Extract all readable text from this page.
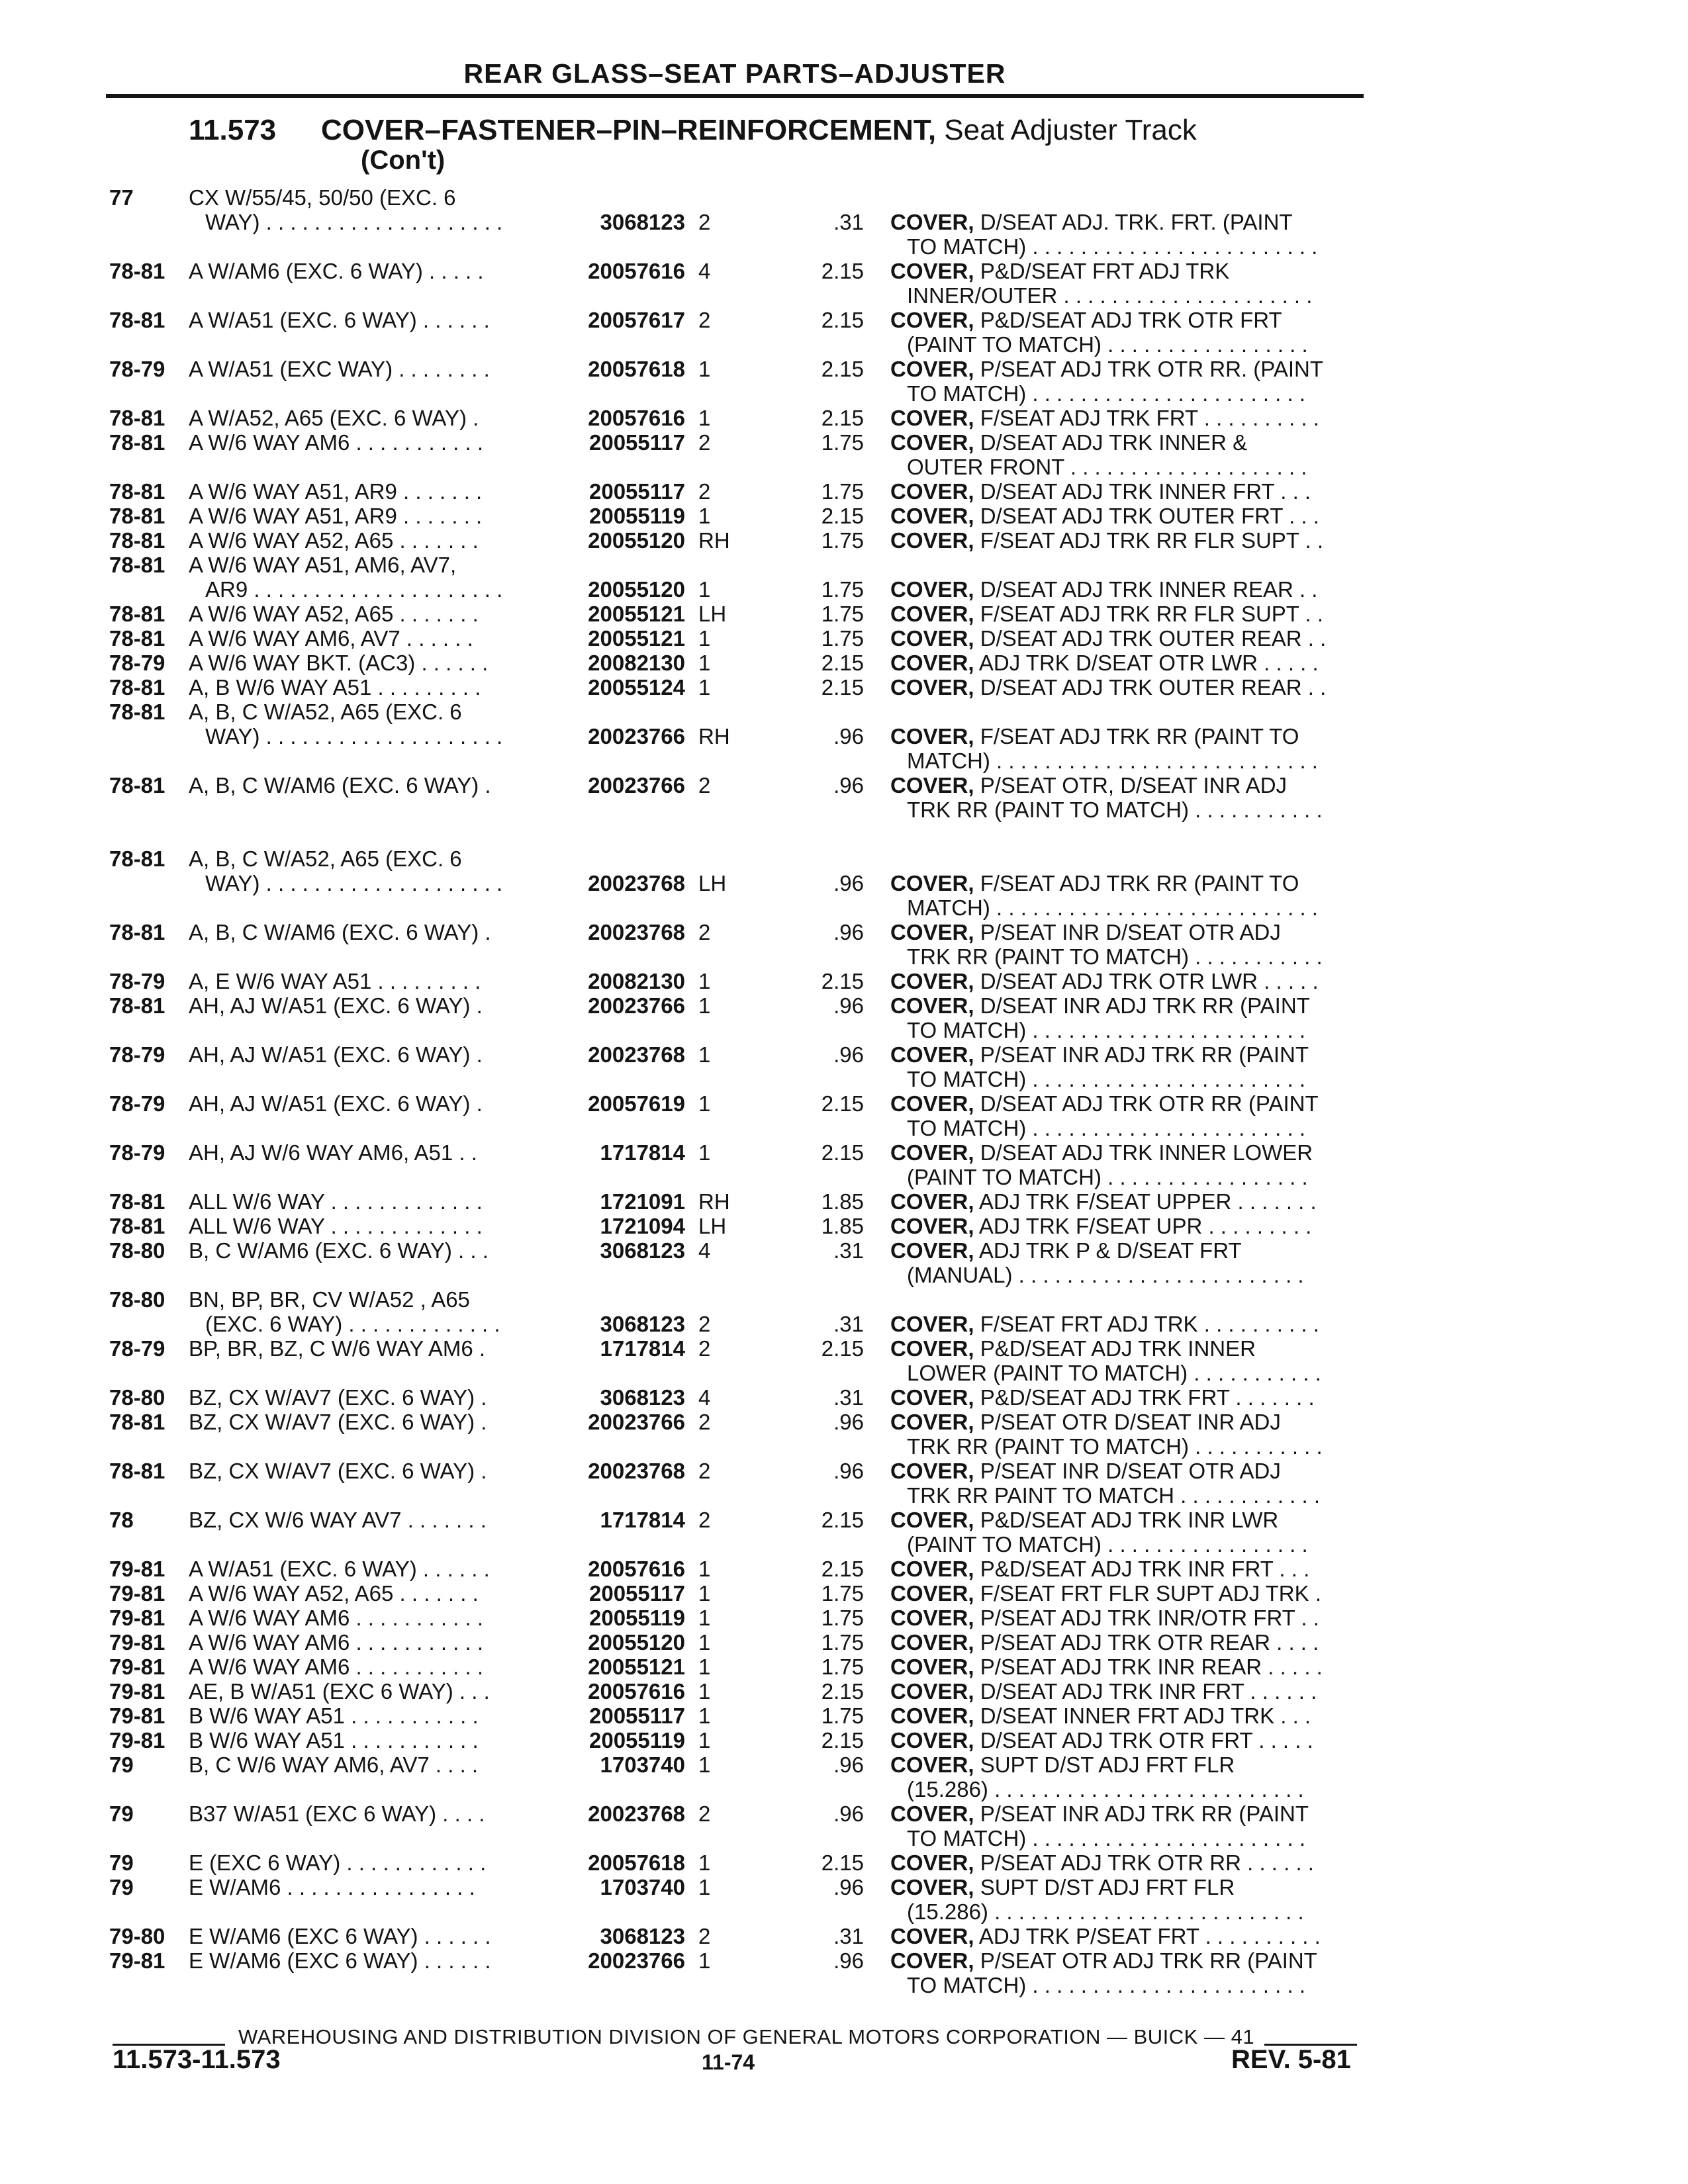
REAR GLASS–SEAT PARTS–ADJUSTER
11.573 COVER–FASTENER–PIN–REINFORCEMENT, Seat Adjuster Track
(Con't)
77	CX W/55/45, 50/50 (EXC. 6
WAY) . . . . . . . . . . . . . . . . . . . .	3068123 2	.31 COVER, D/SEAT ADJ. TRK. FRT. (PAINT
TO MATCH) . . . . . . . . . . . . . . . . . . . . . . . .
78-81	A W/AM6 (EXC. 6 WAY) . . . . .	20057616 4	2.15 COVER, P&D/SEAT FRT ADJ TRK
INNER/OUTER . . . . . . . . . . . . . . . . . . . . .
78-81	A W/A51 (EXC. 6 WAY) . . . . . .	20057617 2	2.15 COVER, P&D/SEAT ADJ TRK OTR FRT
(PAINT TO MATCH) . . . . . . . . . . . . . . . . .
78-79	A W/A51 (EXC WAY) . . . . . . . .	20057618 1	2.15 COVER, P/SEAT ADJ TRK OTR RR. (PAINT
TO MATCH) . . . . . . . . . . . . . . . . . . . . . . .
78-81	A W/A52, A65 (EXC. 6 WAY) .	20057616 1	2.15 COVER, F/SEAT ADJ TRK FRT . . . . . . . . . .
78-81	A W/6 WAY AM6 . . . . . . . . . . .	20055117 2	1.75 COVER, D/SEAT ADJ TRK INNER &
OUTER FRONT . . . . . . . . . . . . . . . . . . . .
78-81	A W/6 WAY A51, AR9 . . . . . . .	20055117 2	1.75 COVER, D/SEAT ADJ TRK INNER FRT . . .
78-81	A W/6 WAY A51, AR9 . . . . . . .	20055119 1	2.15 COVER, D/SEAT ADJ TRK OUTER FRT . . .
78-81	A W/6 WAY A52, A65 . . . . . . .	20055120 RH	1.75 COVER, F/SEAT ADJ TRK RR FLR SUPT . .
78-81	A W/6 WAY A51, AM6, AV7,
AR9 . . . . . . . . . . . . . . . . . . . . .	20055120 1	1.75 COVER, D/SEAT ADJ TRK INNER REAR . .
78-81	A W/6 WAY A52, A65 . . . . . . .	20055121 LH	1.75 COVER, F/SEAT ADJ TRK RR FLR SUPT . .
78-81	A W/6 WAY AM6, AV7 . . . . . .	20055121 1	1.75 COVER, D/SEAT ADJ TRK OUTER REAR . .
78-79	A W/6 WAY BKT. (AC3) . . . . . .	20082130 1	2.15 COVER, ADJ TRK D/SEAT OTR LWR . . . . .
78-81	A, B W/6 WAY A51 . . . . . . . . .	20055124 1	2.15 COVER, D/SEAT ADJ TRK OUTER REAR . .
78-81	A, B, C W/A52, A65 (EXC. 6
WAY) . . . . . . . . . . . . . . . . . . . .	20023766 RH	.96 COVER, F/SEAT ADJ TRK RR (PAINT TO
MATCH) . . . . . . . . . . . . . . . . . . . . . . . . . . .
78-81	A, B, C W/AM6 (EXC. 6 WAY) .	20023766 2	.96 COVER, P/SEAT OTR, D/SEAT INR ADJ
TRK RR (PAINT TO MATCH) . . . . . . . . . . .
78-81	A, B, C W/A52, A65 (EXC. 6
WAY) . . . . . . . . . . . . . . . . . . . .	20023768 LH	.96 COVER, F/SEAT ADJ TRK RR (PAINT TO
MATCH) . . . . . . . . . . . . . . . . . . . . . . . . . . .
78-81	A, B, C W/AM6 (EXC. 6 WAY) .	20023768 2	.96 COVER, P/SEAT INR D/SEAT OTR ADJ
TRK RR (PAINT TO MATCH) . . . . . . . . . . .
78-79	A, E W/6 WAY A51 . . . . . . . . .	20082130 1	2.15 COVER, D/SEAT ADJ TRK OTR LWR . . . . .
78-81	AH, AJ W/A51 (EXC. 6 WAY) .	20023766 1	.96 COVER, D/SEAT INR ADJ TRK RR (PAINT
TO MATCH) . . . . . . . . . . . . . . . . . . . . . . .
78-79	AH, AJ W/A51 (EXC. 6 WAY) .	20023768 1	.96 COVER, P/SEAT INR ADJ TRK RR (PAINT
TO MATCH) . . . . . . . . . . . . . . . . . . . . . . .
78-79	AH, AJ W/A51 (EXC. 6 WAY) .	20057619 1	2.15 COVER, D/SEAT ADJ TRK OTR RR (PAINT
TO MATCH) . . . . . . . . . . . . . . . . . . . . . . .
78-79	AH, AJ W/6 WAY AM6, A51 . .	1717814 1	2.15 COVER, D/SEAT ADJ TRK INNER LOWER
(PAINT TO MATCH) . . . . . . . . . . . . . . . . .
78-81	ALL W/6 WAY . . . . . . . . . . . . .	1721091 RH	1.85 COVER, ADJ TRK F/SEAT UPPER . . . . . . .
78-81	ALL W/6 WAY . . . . . . . . . . . . .	1721094 LH	1.85 COVER, ADJ TRK F/SEAT UPR . . . . . . . . .
78-80	B, C W/AM6 (EXC. 6 WAY) . . .	3068123 4	.31 COVER, ADJ TRK P & D/SEAT FRT
(MANUAL) . . . . . . . . . . . . . . . . . . . . . . . .
78-80	BN, BP, BR, CV W/A52 , A65
(EXC. 6 WAY) . . . . . . . . . . . . .	3068123 2	.31 COVER, F/SEAT FRT ADJ TRK . . . . . . . . . .
78-79	BP, BR, BZ, C W/6 WAY AM6 .	1717814 2	2.15 COVER, P&D/SEAT ADJ TRK INNER
LOWER (PAINT TO MATCH) . . . . . . . . . . .
78-80	BZ, CX W/AV7 (EXC. 6 WAY) .	3068123 4	.31 COVER, P&D/SEAT ADJ TRK FRT . . . . . . .
78-81	BZ, CX W/AV7 (EXC. 6 WAY) .	20023766 2	.96 COVER, P/SEAT OTR D/SEAT INR ADJ
TRK RR (PAINT TO MATCH) . . . . . . . . . . .
78-81	BZ, CX W/AV7 (EXC. 6 WAY) .	20023768 2	.96 COVER, P/SEAT INR D/SEAT OTR ADJ
TRK RR PAINT TO MATCH . . . . . . . . . . . .
78	BZ, CX W/6 WAY AV7 . . . . . . .	1717814 2	2.15 COVER, P&D/SEAT ADJ TRK INR LWR
(PAINT TO MATCH) . . . . . . . . . . . . . . . . .
79-81	A W/A51 (EXC. 6 WAY) . . . . . .	20057616 1	2.15 COVER, P&D/SEAT ADJ TRK INR FRT . . .
79-81	A W/6 WAY A52, A65 . . . . . . .	20055117 1	1.75 COVER, F/SEAT FRT FLR SUPT ADJ TRK .
79-81	A W/6 WAY AM6 . . . . . . . . . . .	20055119 1	1.75 COVER, P/SEAT ADJ TRK INR/OTR FRT . .
79-81	A W/6 WAY AM6 . . . . . . . . . . .	20055120 1	1.75 COVER, P/SEAT ADJ TRK OTR REAR . . . .
79-81	A W/6 WAY AM6 . . . . . . . . . . .	20055121 1	1.75 COVER, P/SEAT ADJ TRK INR REAR . . . . .
79-81	AE, B W/A51 (EXC 6 WAY) . . .	20057616 1	2.15 COVER, D/SEAT ADJ TRK INR FRT . . . . . .
79-81	B W/6 WAY A51 . . . . . . . . . . .	20055117 1	1.75 COVER, D/SEAT INNER FRT ADJ TRK . . .
79-81	B W/6 WAY A51 . . . . . . . . . . .	20055119 1	2.15 COVER, D/SEAT ADJ TRK OTR FRT . . . . .
79	B, C W/6 WAY AM6, AV7 . . . .	1703740 1	.96 COVER, SUPT D/ST ADJ FRT FLR
(15.286) . . . . . . . . . . . . . . . . . . . . . . . . . .
79	B37 W/A51 (EXC 6 WAY) . . . .	20023768 2	.96 COVER, P/SEAT INR ADJ TRK RR (PAINT
TO MATCH) . . . . . . . . . . . . . . . . . . . . . . .
79	E (EXC 6 WAY) . . . . . . . . . . . .	20057618 1	2.15 COVER, P/SEAT ADJ TRK OTR RR . . . . . .
79	E W/AM6 . . . . . . . . . . . . . . . .	1703740 1	.96 COVER, SUPT D/ST ADJ FRT FLR
(15.286) . . . . . . . . . . . . . . . . . . . . . . . . . .
79-80	E W/AM6 (EXC 6 WAY) . . . . . .	3068123 2	.31 COVER, ADJ TRK P/SEAT FRT . . . . . . . . . .
79-81	E W/AM6 (EXC 6 WAY) . . . . . .	20023766 1	.96 COVER, P/SEAT OTR ADJ TRK RR (PAINT
TO MATCH) . . . . . . . . . . . . . . . . . . . . . . .
WAREHOUSING AND DISTRIBUTION DIVISION OF GENERAL MOTORS CORPORATION — BUICK — 41
11.573-11.573	11-74	REV. 5-81
